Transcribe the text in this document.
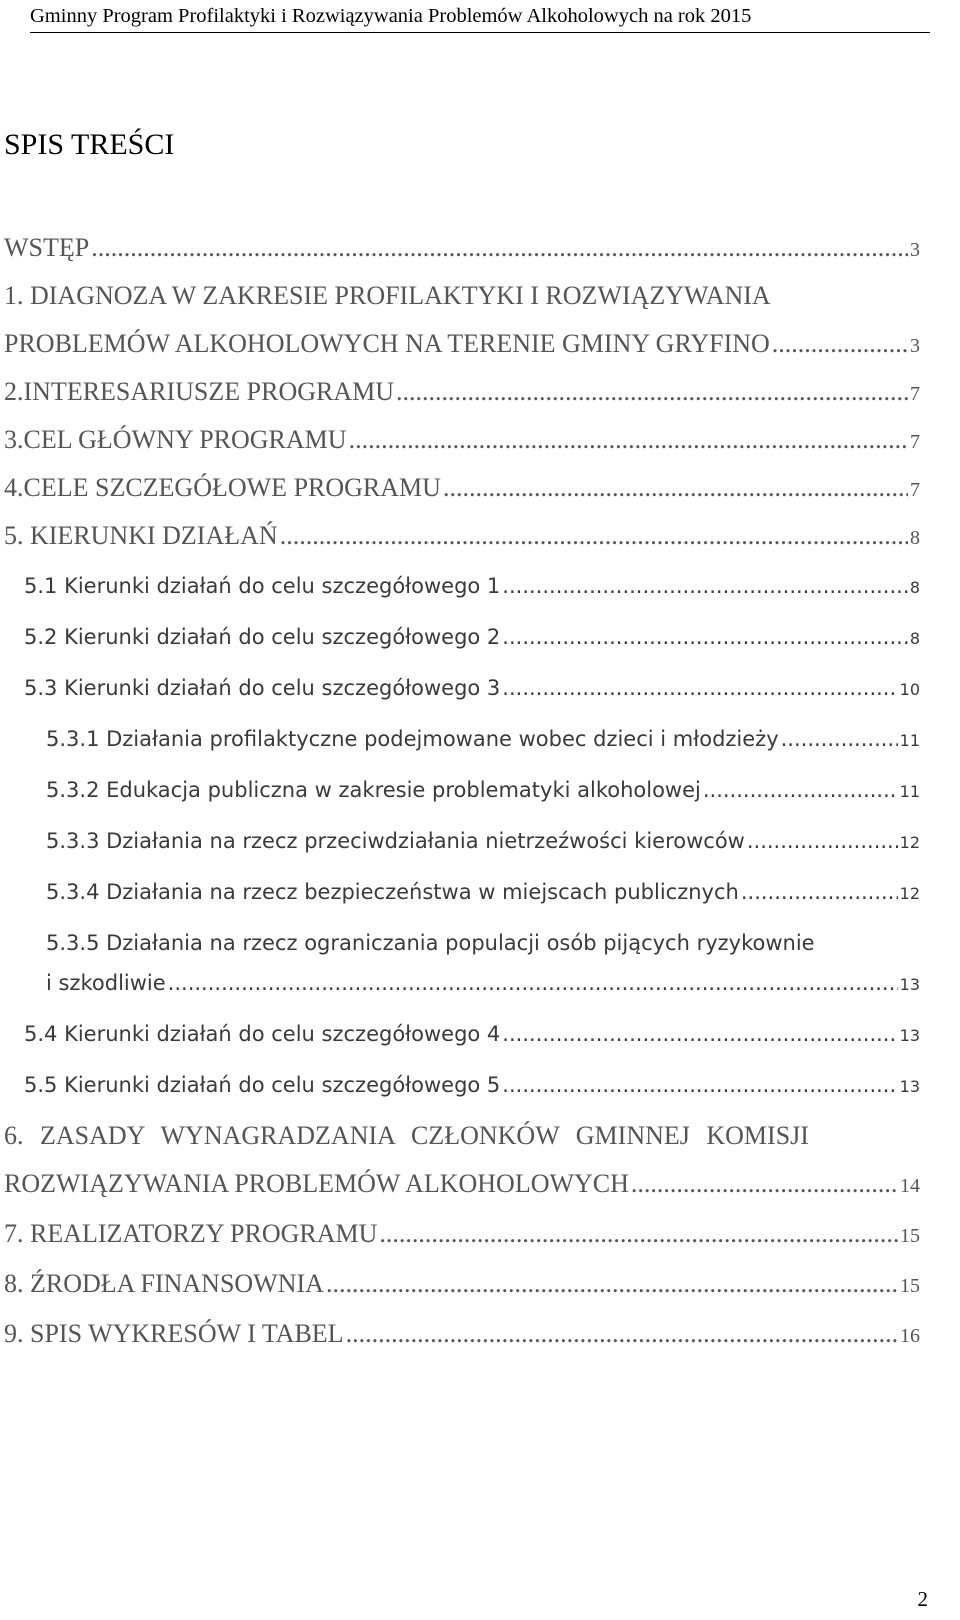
Gminny Program Profilaktyki i Rozwiązywania Problemów Alkoholowych na rok 2015
SPIS TREŚCI
WSTĘP .....	3
1. DIAGNOZA W ZAKRESIE PROFILAKTYKI I ROZWIĄZYWANIA
PROBLEMÓW ALKOHOLOWYCH NA TERENIE GMINY GRYFINO .....	3
2.INTERESARIUSZE PROGRAMU .....	7
3.CEL GŁÓWNY PROGRAMU .....	7
4.CELE SZCZEGÓŁOWE PROGRAMU .....	7
5. KIERUNKI DZIAŁAŃ .....	8
5.1 Kierunki działań do celu szczegółowego 1 .....	8
5.2 Kierunki działań do celu szczegółowego 2 .....	8
5.3 Kierunki działań do celu szczegółowego 3 .....	10
5.3.1 Działania profilaktyczne podejmowane wobec dzieci i młodzieży .....	11
5.3.2 Edukacja publiczna w zakresie problematyki alkoholowej .....	11
5.3.3 Działania na rzecz przeciwdziałania nietrzeźwości kierowców .....	12
5.3.4 Działania na rzecz bezpieczeństwa w miejscach publicznych .....	12
5.3.5 Działania na rzecz ograniczania populacji osób pijących ryzykownie
i szkodliwie .....	13
5.4 Kierunki działań do celu szczegółowego 4 .....	13
5.5 Kierunki działań do celu szczegółowego 5 .....	13
6. ZASADY WYNAGRADZANIA CZŁONKÓW GMINNEJ KOMISJI
ROZWIĄZYWANIA PROBLEMÓW ALKOHOLOWYCH .....	14
7. REALIZATORZY PROGRAMU .....	15
8. ŹRODŁA FINANSOWNIA .....	15
9. SPIS WYKRESÓW I TABEL .....	16
2
